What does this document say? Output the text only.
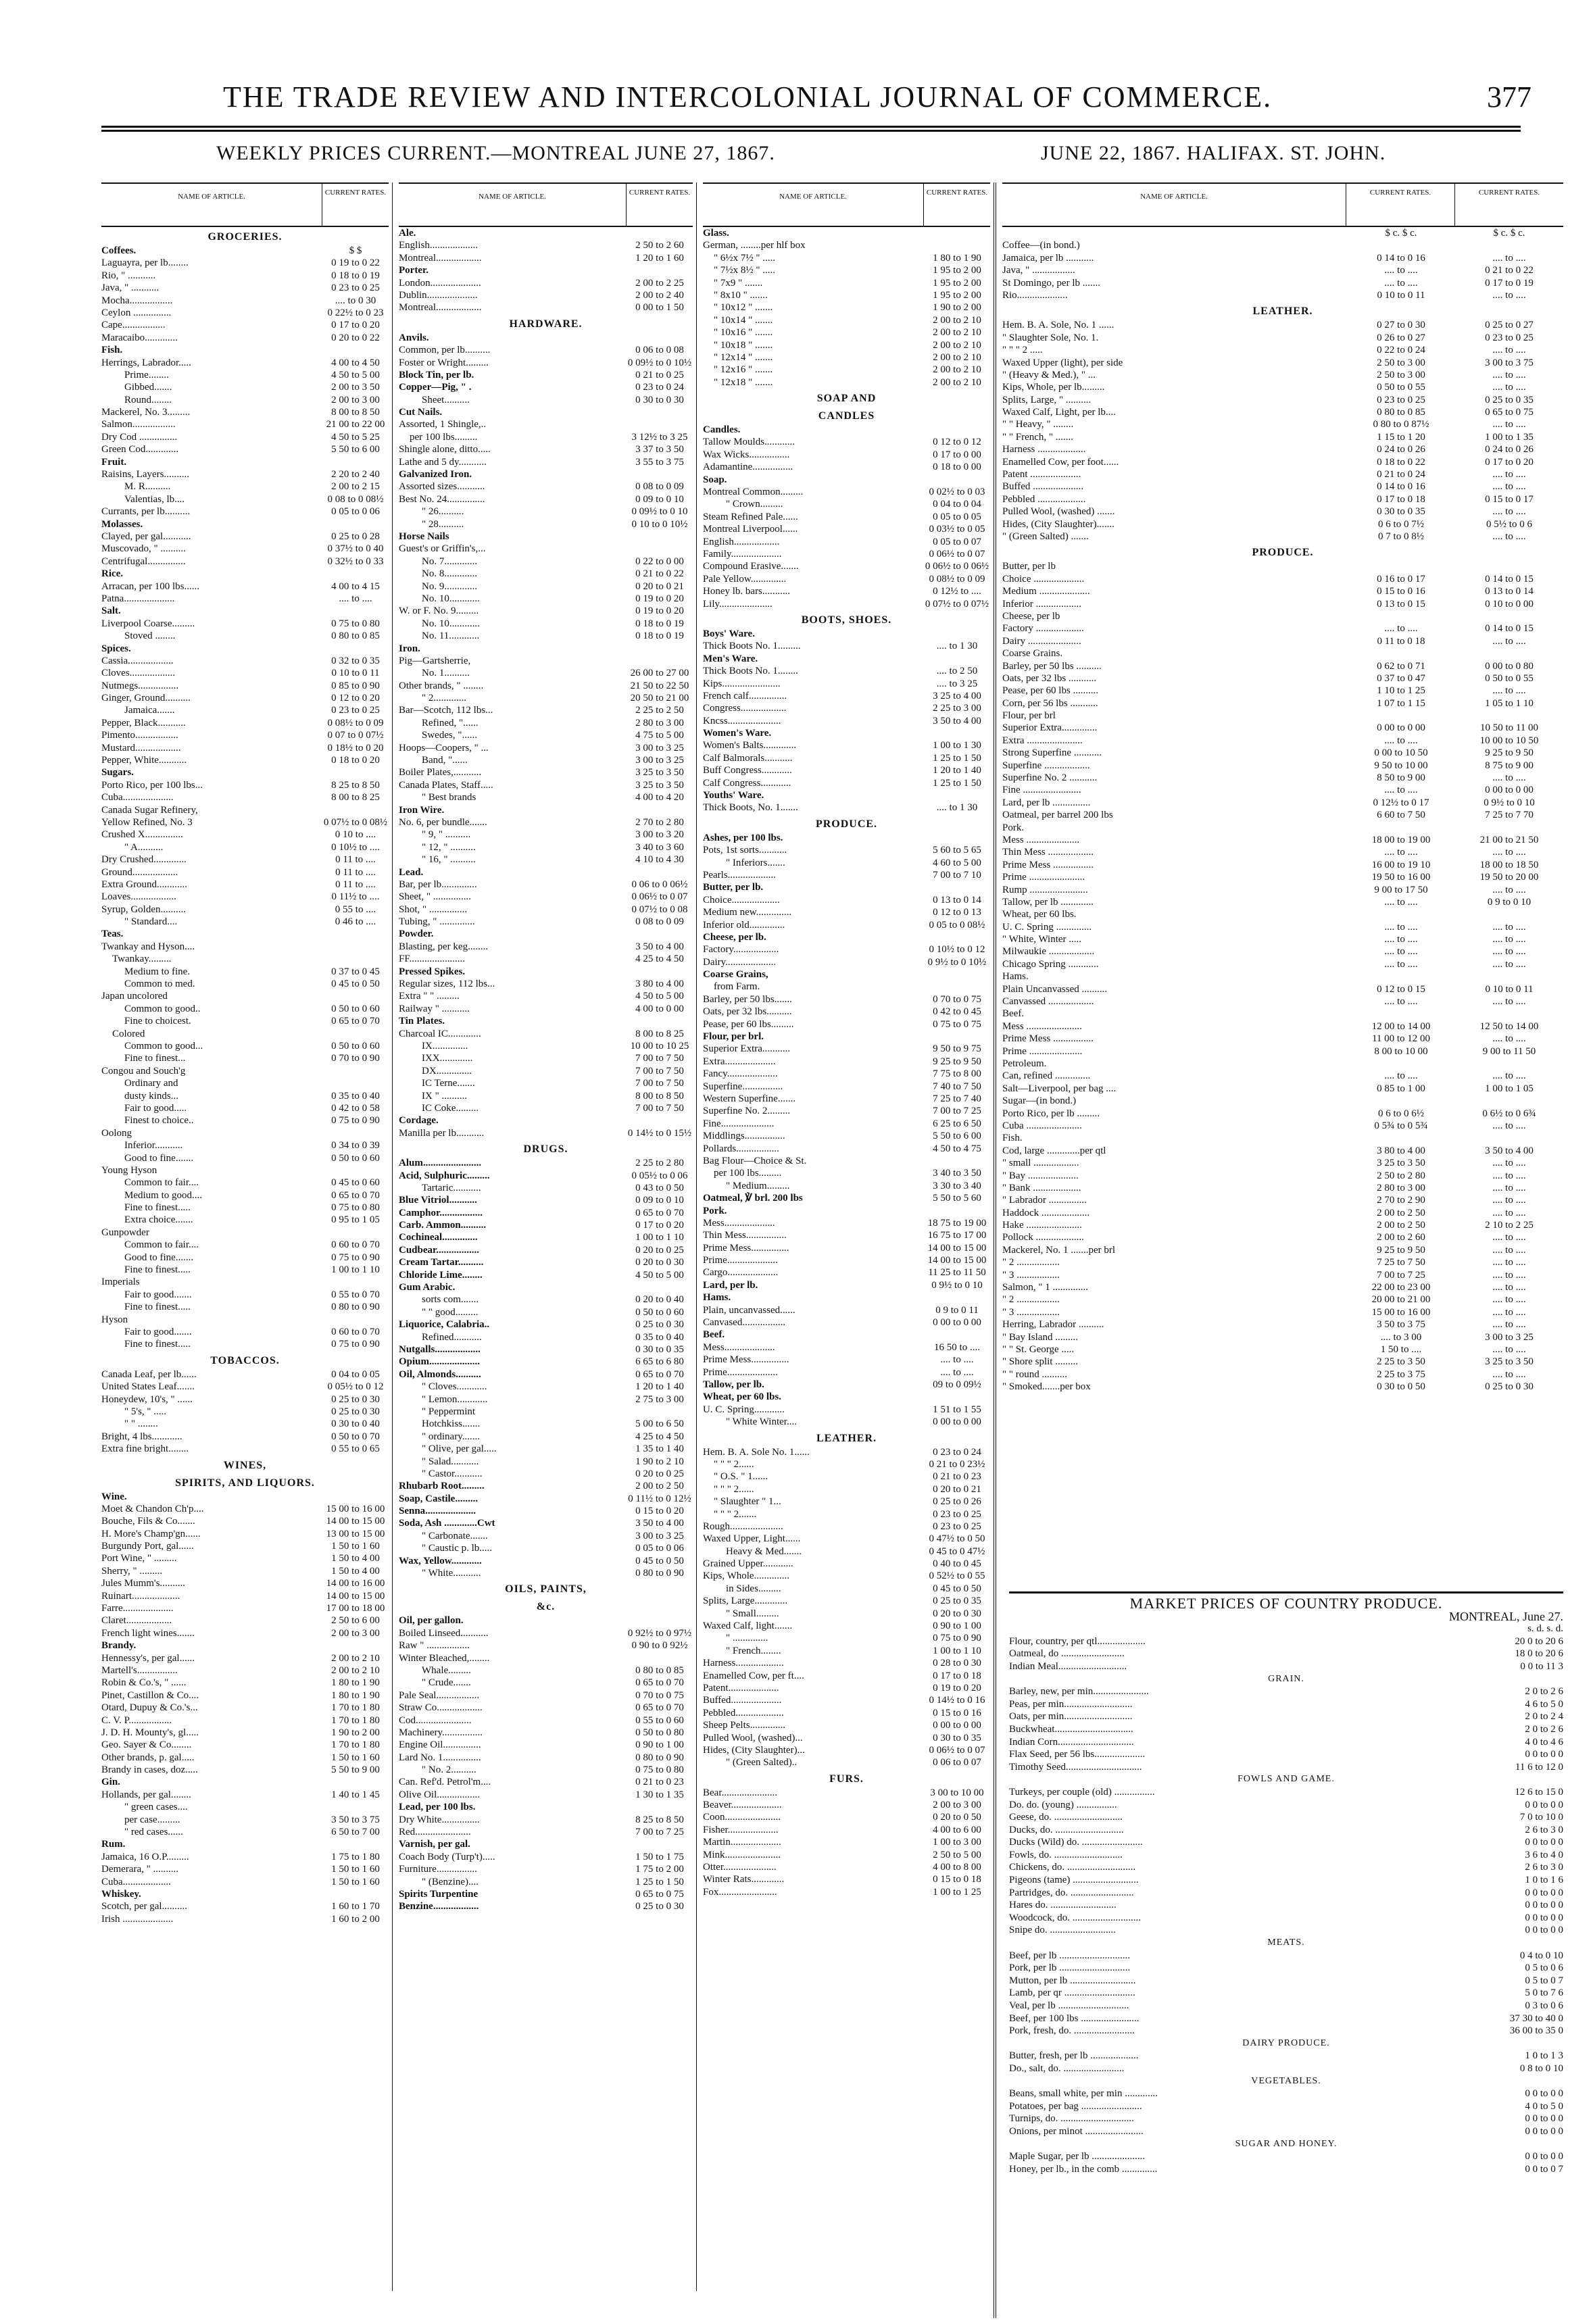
THE TRADE REVIEW AND INTERCOLONIAL JOURNAL OF COMMERCE.	377
WEEKLY PRICES CURRENT.—MONTREAL JUNE 27, 1867.	JUNE 22, 1867. HALIFAX. ST. JOHN.
NAME OF ARTICLE.	CURRENT RATES.
GROCERIES.
Coffees.	$ $
Laguayra, per lb........	0 19 to 0 22
Rio, " ...........	0 18 to 0 19
Java, " ...........	0 23 to 0 25
Mocha.................	.... to 0 30
Ceylon ...............	0 22½ to 0 23
Cape.................	0 17 to 0 20
Maracaibo.............	0 20 to 0 22
Fish.
Herrings, Labrador.....	4 00 to 4 50
Prime........	4 50 to 5 00
Gibbed.......	2 00 to 3 50
Round........	2 00 to 3 00
Mackerel, No. 3.........	8 00 to 8 50
Salmon.................	21 00 to 22 00
Dry Cod ...............	4 50 to 5 25
Green Cod.............	5 50 to 6 00
Fruit.
Raisins, Layers..........	2 20 to 2 40
M. R..........	2 00 to 2 15
Valentias, lb....	0 08 to 0 08½
Currants, per lb..........	0 05 to 0 06
Molasses.
Clayed, per gal...........	0 25 to 0 28
Muscovado, " ..........	0 37½ to 0 40
Centrifugal...............	0 32½ to 0 33
Rice.
Arracan, per 100 lbs......	4 00 to 4 15
Patna....................	.... to ....
Salt.
Liverpool Coarse.........	0 75 to 0 80
Stoved ........	0 80 to 0 85
Spices.
Cassia..................	0 32 to 0 35
Cloves..................	0 10 to 0 11
Nutmegs................	0 85 to 0 90
Ginger, Ground..........	0 12 to 0 20
Jamaica.......	0 23 to 0 25
Pepper, Black...........	0 08½ to 0 09
Pimento.................	0 07 to 0 07½
Mustard..................	0 18½ to 0 20
Pepper, White...........	0 18 to 0 20
Sugars.
Porto Rico, per 100 lbs...	8 25 to 8 50
Cuba....................	8 00 to 8 25
Canada Sugar Refinery,
Yellow Refined, No. 3	0 07½ to 0 08½
Crushed X...............	0 10 to ....
" A..........	0 10½ to ....
Dry Crushed.............	0 11 to ....
Ground..................	0 11 to ....
Extra Ground............	0 11 to ....
Loaves..................	0 11½ to ....
Syrup, Golden..........	0 55 to ....
" Standard....	0 46 to ....
Teas.
Twankay and Hyson....
Twankay.........
Medium to fine.	0 37 to 0 45
Common to med.	0 45 to 0 50
Japan uncolored
Common to good..	0 50 to 0 60
Fine to choicest.	0 65 to 0 70
Colored
Common to good...	0 50 to 0 60
Fine to finest...	0 70 to 0 90
Congou and Souch'g
Ordinary and
dusty kinds...	0 35 to 0 40
Fair to good.....	0 42 to 0 58
Finest to choice..	0 75 to 0 90
Oolong
Inferior...........	0 34 to 0 39
Good to fine.......	0 50 to 0 60
Young Hyson
Common to fair....	0 45 to 0 60
Medium to good....	0 65 to 0 70
Fine to finest.....	0 75 to 0 80
Extra choice.......	0 95 to 1 05
Gunpowder
Common to fair....	0 60 to 0 70
Good to fine.......	0 75 to 0 90
Fine to finest.....	1 00 to 1 10
Imperials
Fair to good.......	0 55 to 0 70
Fine to finest.....	0 80 to 0 90
Hyson
Fair to good.......	0 60 to 0 70
Fine to finest.....	0 75 to 0 90
TOBACCOS.
Canada Leaf, per lb......	0 04 to 0 05
United States Leaf.......	0 05½ to 0 12
Honeydew, 10's, " ......	0 25 to 0 30
" 5's, " .....	0 25 to 0 30
" " ........	0 30 to 0 40
Bright, 4 lbs............	0 50 to 0 70
Extra fine bright........	0 55 to 0 65
WINES,
SPIRITS, AND LIQUORS.
Wine.
Moet & Chandon Ch'p....	15 00 to 16 00
Bouche, Fils & Co.......	14 00 to 15 00
H. More's Champ'gn......	13 00 to 15 00
Burgundy Port, gal......	1 50 to 1 60
Port Wine, " .........	1 50 to 4 00
Sherry, " .........	1 50 to 4 00
Jules Mumm's..........	14 00 to 16 00
Ruinart...................	14 00 to 15 00
Farre....................	17 00 to 18 00
Claret..................	2 50 to 6 00
French light wines.......	2 00 to 3 00
Brandy.
Hennessy's, per gal......	2 00 to 2 10
Martell's................	2 00 to 2 10
Robin & Co.'s, " ......	1 80 to 1 90
Pinet, Castillon & Co....	1 80 to 1 90
Otard, Dupuy & Co.'s...	1 70 to 1 80
C. V. P.................	1 70 to 1 80
J. D. H. Mounty's, gl.....	1 90 to 2 00
Geo. Sayer & Co........	1 70 to 1 80
Other brands, p. gal.....	1 50 to 1 60
Brandy in cases, doz.....	5 50 to 9 00
Gin.
Hollands, per gal........	1 40 to 1 45
" green cases....
per case.........	3 50 to 3 75
" red cases......	6 50 to 7 00
Rum.
Jamaica, 16 O.P.........	1 75 to 1 80
Demerara, " ..........	1 50 to 1 60
Cuba...................	1 50 to 1 60
Whiskey.
Scotch, per gal..........	1 60 to 1 70
Irish ....................	1 60 to 2 00
NAME OF ARTICLE.	CURRENT RATES.
Ale.
English...................	2 50 to 2 60
Montreal..................	1 20 to 1 60
Porter.
London....................	2 00 to 2 25
Dublin....................	2 00 to 2 40
Montreal..................	0 00 to 1 50
HARDWARE.
Anvils.
Common, per lb..........	0 06 to 0 08
Foster or Wright.........	0 09½ to 0 10½
Block Tin, per lb.	0 21 to 0 25
Copper—Pig, " .	0 23 to 0 24
Sheet..........	0 30 to 0 30
Cut Nails.
Assorted, 1 Shingle,..
per 100 lbs.........	3 12½ to 3 25
Shingle alone, ditto.....	3 37 to 3 50
Lathe and 5 dy...........	3 55 to 3 75
Galvanized Iron.
Assorted sizes...........	0 08 to 0 09
Best No. 24...............	0 09 to 0 10
" 26..........	0 09½ to 0 10
" 28..........	0 10 to 0 10½
Horse Nails
Guest's or Griffin's,...
No. 7.............	0 22 to 0 00
No. 8.............	0 21 to 0 22
No. 9.............	0 20 to 0 21
No. 10............	0 19 to 0 20
W. or F. No. 9.........	0 19 to 0 20
No. 10............	0 18 to 0 19
No. 11............	0 18 to 0 19
Iron.
Pig—Gartsherrie,
No. 1..........	26 00 to 27 00
Other brands, " ........	21 50 to 22 50
" 2.............	20 50 to 21 00
Bar—Scotch, 112 lbs...	2 25 to 2 50
Refined, "......	2 80 to 3 00
Swedes, "......	4 75 to 5 00
Hoops—Coopers, " ...	3 00 to 3 25
Band, "......	3 00 to 3 25
Boiler Plates,...........	3 25 to 3 50
Canada Plates, Staff.....	3 25 to 3 50
" Best brands	4 00 to 4 20
Iron Wire.
No. 6, per bundle.......	2 70 to 2 80
" 9, " ..........	3 00 to 3 20
" 12, " ..........	3 40 to 3 60
" 16, " ..........	4 10 to 4 30
Lead.
Bar, per lb..............	0 06 to 0 06½
Sheet, " ...............	0 06½ to 0 07
Shot, " ...............	0 07½ to 0 08
Tubing, " ..............	0 08 to 0 09
Powder.
Blasting, per keg........	3 50 to 4 00
FF......................	4 25 to 4 50
Pressed Spikes.
Regular sizes, 112 lbs...	3 80 to 4 00
Extra " " .........	4 50 to 5 00
Railway " ...........	4 00 to 0 00
Tin Plates.
Charcoal IC.............	8 00 to 8 25
IX..............	10 00 to 10 25
IXX.............	7 00 to 7 50
DX..............	7 00 to 7 50
IC Terne.......	7 00 to 7 50
IX " ..........	8 00 to 8 50
IC Coke.........	7 00 to 7 50
Cordage.
Manilla per lb...........	0 14½ to 0 15½
DRUGS.
Alum.......................	2 25 to 2 80
Acid, Sulphuric.........	0 05½ to 0 06
Tartaric...........	0 43 to 0 50
Blue Vitriol...........	0 09 to 0 10
Camphor.................	0 65 to 0 70
Carb. Ammon..........	0 17 to 0 20
Cochineal..............	1 00 to 1 10
Cudbear.................	0 20 to 0 25
Cream Tartar..........	0 20 to 0 30
Chloride Lime........	4 50 to 5 00
Gum Arabic.
sorts com.......	0 20 to 0 40
" " good.........	0 50 to 0 60
Liquorice, Calabria..	0 25 to 0 30
Refined...........	0 35 to 0 40
Nutgalls..................	0 30 to 0 35
Opium....................	6 65 to 6 80
Oil, Almonds..........	0 65 to 0 70
" Cloves............	1 20 to 1 40
" Lemon............	2 75 to 3 00
" Peppermint
Hotchkiss.......	5 00 to 6 50
" ordinary.......	4 25 to 4 50
" Olive, per gal.....	1 35 to 1 40
" Salad...........	1 90 to 2 10
" Castor...........	0 20 to 0 25
Rhubarb Root.........	2 00 to 2 50
Soap, Castile.........	0 11½ to 0 12½
Senna....................	0 15 to 0 20
Soda, Ash .............Cwt	3 50 to 4 00
" Carbonate.......	3 00 to 3 25
" Caustic p. lb.....	0 05 to 0 06
Wax, Yellow............	0 45 to 0 50
" White...........	0 80 to 0 90
OILS, PAINTS,
&c.
Oil, per gallon.
Boiled Linseed...........	0 92½ to 0 97½
Raw " .................	0 90 to 0 92½
Winter Bleached,........
Whale.........	0 80 to 0 85
" Crude.......	0 65 to 0 70
Pale Seal.................	0 70 to 0 75
Straw Co..................	0 65 to 0 70
Cod......................	0 55 to 0 60
Machinery................	0 50 to 0 80
Engine Oil...............	0 90 to 1 00
Lard No. 1...............	0 80 to 0 90
" No. 2..........	0 75 to 0 80
Can. Ref'd. Petrol'm....	0 21 to 0 23
Olive Oil.................	1 30 to 1 35
Lead, per 100 lbs.
Dry White...............	8 25 to 8 50
Red......................	7 00 to 7 25
Varnish, per gal.
Coach Body (Turp't).....	1 50 to 1 75
Furniture................	1 75 to 2 00
" (Benzine)....	1 25 to 1 50
Spirits Turpentine	0 65 to 0 75
Benzine..................	0 25 to 0 30
NAME OF ARTICLE.	CURRENT RATES.
Glass.
German, ........per hlf box
" 6½x 7½ " .....	1 80 to 1 90
" 7½x 8½ " .....	1 95 to 2 00
" 7x9 " .......	1 95 to 2 00
" 8x10 " .......	1 95 to 2 00
" 10x12 " .......	1 90 to 2 00
" 10x14 " .......	2 00 to 2 10
" 10x16 " .......	2 00 to 2 10
" 10x18 " .......	2 00 to 2 10
" 12x14 " .......	2 00 to 2 10
" 12x16 " .......	2 00 to 2 10
" 12x18 " .......	2 00 to 2 10
SOAP AND
CANDLES
Candles.
Tallow Moulds............	0 12 to 0 12
Wax Wicks................	0 17 to 0 00
Adamantine................	0 18 to 0 00
Soap.
Montreal Common.........	0 02½ to 0 03
" Crown.........	0 04 to 0 04
Steam Refined Pale......	0 05 to 0 05
Montreal Liverpool......	0 03½ to 0 05
English..................	0 05 to 0 07
Family....................	0 06½ to 0 07
Compound Erasive.......	0 06½ to 0 06½
Pale Yellow..............	0 08½ to 0 09
Honey lb. bars...........	0 12½ to ....
Lily.....................	0 07½ to 0 07½
BOOTS, SHOES.
Boys' Ware.
Thick Boots No. 1.........	.... to 1 30
Men's Ware.
Thick Boots No. 1........	.... to 2 50
Kips.......................	.... to 3 25
French calf...............	3 25 to 4 00
Congress..................	2 25 to 3 00
Kncss.....................	3 50 to 4 00
Women's Ware.
Women's Balts.............	1 00 to 1 30
Calf Balmorals...........	1 25 to 1 50
Buff Congress............	1 20 to 1 40
Calf Congress............	1 25 to 1 50
Youths' Ware.
Thick Boots, No. 1.......	.... to 1 30
PRODUCE.
Ashes, per 100 lbs.
Pots, 1st sorts...........	5 60 to 5 65
" Inferiors.......	4 60 to 5 00
Pearls...................	7 00 to 7 10
Butter, per lb.
Choice...................	0 13 to 0 14
Medium new..............	0 12 to 0 13
Inferior old..............	0 05 to 0 08½
Cheese, per lb.
Factory..................	0 10½ to 0 12
Dairy....................	0 9½ to 0 10½
Coarse Grains,
from Farm.
Barley, per 50 lbs.......	0 70 to 0 75
Oats, per 32 lbs..........	0 42 to 0 45
Pease, per 60 lbs.........	0 75 to 0 75
Flour, per brl.
Superior Extra...........	9 50 to 9 75
Extra....................	9 25 to 9 50
Fancy....................	7 75 to 8 00
Superfine................	7 40 to 7 50
Western Superfine.......	7 25 to 7 40
Superfine No. 2.........	7 00 to 7 25
Fine.....................	6 25 to 6 50
Middlings................	5 50 to 6 00
Pollards.................	4 50 to 4 75
Bag Flour—Choice & St.
per 100 lbs.........	3 40 to 3 50
" Medium.........	3 30 to 3 40
Oatmeal, ℣ brl. 200 lbs	5 50 to 5 60
Pork.
Mess....................	18 75 to 19 00
Thin Mess................	16 75 to 17 00
Prime Mess...............	14 00 to 15 00
Prime....................	14 00 to 15 00
Cargo....................	11 25 to 11 50
Lard, per lb.	0 9½ to 0 10
Hams.
Plain, uncanvassed......	0 9 to 0 11
Canvased.................	0 00 to 0 00
Beef.
Mess....................	16 50 to ....
Prime Mess...............	.... to ....
Prime....................	.... to ....
Tallow, per lb.	09 to 0 09½
Wheat, per 60 lbs.
U. C. Spring............	1 51 to 1 55
" White Winter....	0 00 to 0 00
LEATHER.
Hem. B. A. Sole No. 1......	0 23 to 0 24
" " " 2......	0 21 to 0 23½
" O.S. " 1......	0 21 to 0 23
" " " 2......	0 20 to 0 21
" Slaughter " 1...	0 25 to 0 26
" " " 2.......	0 23 to 0 25
Rough.....................	0 23 to 0 25
Waxed Upper, Light......	0 47½ to 0 50
Heavy & Med.......	0 45 to 0 47½
Grained Upper............	0 40 to 0 45
Kips, Whole..............	0 52½ to 0 55
in Sides.........	0 45 to 0 50
Splits, Large.............	0 25 to 0 35
" Small.........	0 20 to 0 30
Waxed Calf, light.......	0 90 to 1 00
" ..............	0 75 to 0 90
" French........	1 00 to 1 10
Harness...................	0 28 to 0 30
Enamelled Cow, per ft....	0 17 to 0 18
Patent....................	0 19 to 0 20
Buffed....................	0 14½ to 0 16
Pebbled...................	0 15 to 0 16
Sheep Pelts..............	0 00 to 0 00
Pulled Wool, (washed)...	0 30 to 0 35
Hides, (City Slaughter)...	0 06½ to 0 07
" (Green Salted)..	0 06 to 0 07
FURS.
Bear......................	3 00 to 10 00
Beaver....................	2 00 to 3 00
Coon......................	0 20 to 0 50
Fisher....................	4 00 to 6 00
Martin....................	1 00 to 3 00
Mink......................	2 50 to 5 00
Otter.....................	4 00 to 8 00
Winter Rats.............	0 15 to 0 18
Fox.......................	1 00 to 1 25
NAME OF ARTICLE.	CURRENT RATES.	CURRENT RATES.
$ c. $ c.	$ c. $ c.
Coffee—(in bond.)
Jamaica, per lb ...........	0 14 to 0 16	.... to ....
Java, " .................	.... to ....	0 21 to 0 22
St Domingo, per lb .......	.... to ....	0 17 to 0 19
Rio....................	0 10 to 0 11	.... to ....
LEATHER.
Hem. B. A. Sole, No. 1 ......	0 27 to 0 30	0 25 to 0 27
" Slaughter Sole, No. 1.	0 26 to 0 27	0 23 to 0 25
" " " 2 .....	0 22 to 0 24	.... to ....
Waxed Upper (light), per side	2 50 to 3 00	3 00 to 3 75
" (Heavy & Med.), " ...	2 50 to 3 00	.... to ....
Kips, Whole, per lb.........	0 50 to 0 55	.... to ....
Splits, Large, " ..........	0 23 to 0 25	0 25 to 0 35
Waxed Calf, Light, per lb....	0 80 to 0 85	0 65 to 0 75
" " Heavy, " ........	0 80 to 0 87½	.... to ....
" " French, " .......	1 15 to 1 20	1 00 to 1 35
Harness ...................	0 24 to 0 26	0 24 to 0 26
Enamelled Cow, per foot......	0 18 to 0 22	0 17 to 0 20
Patent ....................	0 21 to 0 24	.... to ....
Buffed ....................	0 14 to 0 16	.... to ....
Pebbled ...................	0 17 to 0 18	0 15 to 0 17
Pulled Wool, (washed) .......	0 30 to 0 35	.... to ....
Hides, (City Slaughter).......	0 6 to 0 7½	0 5½ to 0 6
" (Green Salted) .......	0 7 to 0 8½	.... to ....
PRODUCE.
Butter, per lb
Choice ....................	0 16 to 0 17	0 14 to 0 15
Medium ....................	0 15 to 0 16	0 13 to 0 14
Inferior ..................	0 13 to 0 15	0 10 to 0 00
Cheese, per lb
Factory ...................	.... to ....	0 14 to 0 15
Dairy .....................	0 11 to 0 18	.... to ....
Coarse Grains.
Barley, per 50 lbs ..........	0 62 to 0 71	0 00 to 0 80
Oats, per 32 lbs ...........	0 37 to 0 47	0 50 to 0 55
Pease, per 60 lbs ..........	1 10 to 1 25	.... to ....
Corn, per 56 lbs ...........	1 07 to 1 15	1 05 to 1 10
Flour, per brl
Superior Extra..............	0 00 to 0 00	10 50 to 11 00
Extra ......................	.... to ....	10 00 to 10 50
Strong Superfine ...........	0 00 to 10 50	9 25 to 9 50
Superfine ..................	9 50 to 10 00	8 75 to 9 00
Superfine No. 2 ...........	8 50 to 9 00	.... to ....
Fine .......................	.... to ....	0 00 to 0 00
Lard, per lb ...............	0 12½ to 0 17	0 9½ to 0 10
Oatmeal, per barrel 200 lbs	6 60 to 7 50	7 25 to 7 70
Pork.
Mess .....................	18 00 to 19 00	21 00 to 21 50
Thin Mess ..................	.... to ....	.... to ....
Prime Mess ................	16 00 to 19 10	18 00 to 18 50
Prime ......................	19 50 to 16 00	19 50 to 20 00
Rump .......................	9 00 to 17 50	.... to ....
Tallow, per lb .............	.... to ....	0 9 to 0 10
Wheat, per 60 lbs.
U. C. Spring ..............	.... to ....	.... to ....
" White, Winter .....	.... to ....	.... to ....
Milwaukie ..................	.... to ....	.... to ....
Chicago Spring ............	.... to ....	.... to ....
Hams.
Plain Uncanvassed ..........	0 12 to 0 15	0 10 to 0 11
Canvassed ..................	.... to ....	.... to ....
Beef.
Mess ......................	12 00 to 14 00	12 50 to 14 00
Prime Mess ................	11 00 to 12 00	.... to ....
Prime .....................	8 00 to 10 00	9 00 to 11 50
Petroleum.
Can, refined ..............	.... to ....	.... to ....
Salt—Liverpool, per bag ....	0 85 to 1 00	1 00 to 1 05
Sugar—(in bond.)
Porto Rico, per lb .........	0 6 to 0 6½	0 6½ to 0 6¾
Cuba ......................	0 5¾ to 0 5¾	.... to ....
Fish.
Cod, large .............per qtl	3 80 to 4 00	3 50 to 4 00
" small ..................	3 25 to 3 50	.... to ....
" Bay ....................	2 50 to 2 80	.... to ....
" Bank ...................	2 80 to 3 00	.... to ....
" Labrador ...............	2 70 to 2 90	.... to ....
Haddock ...................	2 00 to 2 50	.... to ....
Hake ......................	2 00 to 2 50	2 10 to 2 25
Pollock ...................	2 00 to 2 60	.... to ....
Mackerel, No. 1 .......per brl	9 25 to 9 50	.... to ....
" 2 .................	7 25 to 7 50	.... to ....
" 3 .................	7 00 to 7 25	.... to ....
Salmon, " 1 ..............	22 00 to 23 00	.... to ....
" 2 .................	20 00 to 21 00	.... to ....
" 3 .................	15 00 to 16 00	.... to ....
Herring, Labrador ..........	3 50 to 3 75	.... to ....
" Bay Island .........	.... to 3 00	3 00 to 3 25
" " St. George .....	1 50 to ....	.... to ....
" Shore split .........	2 25 to 3 50	3 25 to 3 50
" " round ..........	2 25 to 3 75	.... to ....
" Smoked.......per box	0 30 to 0 50	0 25 to 0 30
MARKET PRICES OF COUNTRY PRODUCE.
MONTREAL, June 27.
s. d. s. d.
Flour, country, per qtl...................	20 0 to 20 6
Oatmeal, do .........................	18 0 to 20 6
Indian Meal...........................	0 0 to 11 3
GRAIN.
Barley, new, per min......................	2 0 to 2 6
Peas, per min...........................	4 6 to 5 0
Oats, per min...........................	2 0 to 2 4
Buckwheat...............................	2 0 to 2 6
Indian Corn..............................	4 0 to 4 6
Flax Seed, per 56 lbs....................	0 0 to 0 0
Timothy Seed..............................	11 6 to 12 0
FOWLS AND GAME.
Turkeys, per couple (old) ................	12 6 to 15 0
Do. do. (young) ................	0 0 to 0 0
Geese, do. ...........................	7 0 to 10 0
Ducks, do. ...........................	2 6 to 3 0
Ducks (Wild) do. ........................	0 0 to 0 0
Fowls, do. ...........................	3 6 to 4 0
Chickens, do. ...........................	2 6 to 3 0
Pigeons (tame) ..........................	1 0 to 1 6
Partridges, do. .........................	0 0 to 0 0
Hares do. ..........................	0 0 to 0 0
Woodcock, do. ...........................	0 0 to 0 0
Snipe do. ..........................	0 0 to 0 0
MEATS.
Beef, per lb ............................	0 4 to 0 10
Pork, per lb ............................	0 5 to 0 6
Mutton, per lb ..........................	0 5 to 0 7
Lamb, per qr ............................	5 0 to 7 6
Veal, per lb ............................	0 3 to 0 6
Beef, per 100 lbs .......................	37 30 to 40 0
Pork, fresh, do. ........................	36 00 to 35 0
DAIRY PRODUCE.
Butter, fresh, per lb ...................	1 0 to 1 3
Do., salt, do. ........................	0 8 to 0 10
VEGETABLES.
Beans, small white, per min .............	0 0 to 0 0
Potatoes, per bag ........................	4 0 to 5 0
Turnips, do. .............................	0 0 to 0 0
Onions, per minot .......................	0 0 to 0 0
SUGAR AND HONEY.
Maple Sugar, per lb .....................	0 0 to 0 0
Honey, per lb., in the comb ..............	0 0 to 0 7
